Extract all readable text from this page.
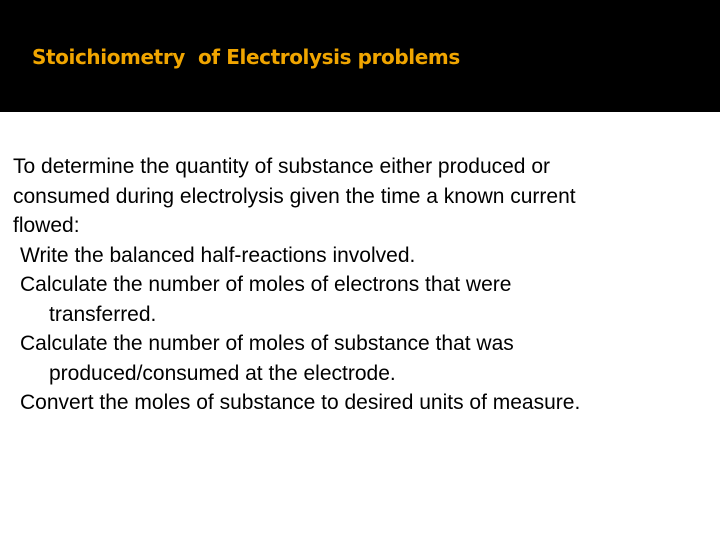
Stoichiometry  of Electrolysis problems

To determine the quantity of substance either produced or

consumed during electrolysis given the time a known current

flowed:

Write the balanced half-reactions involved.

Calculate the number of moles of electrons that were
transferred.

Calculate the number of moles of substance that was
produced/consumed at the electrode.

Convert the moles of substance to desired units of measure.
